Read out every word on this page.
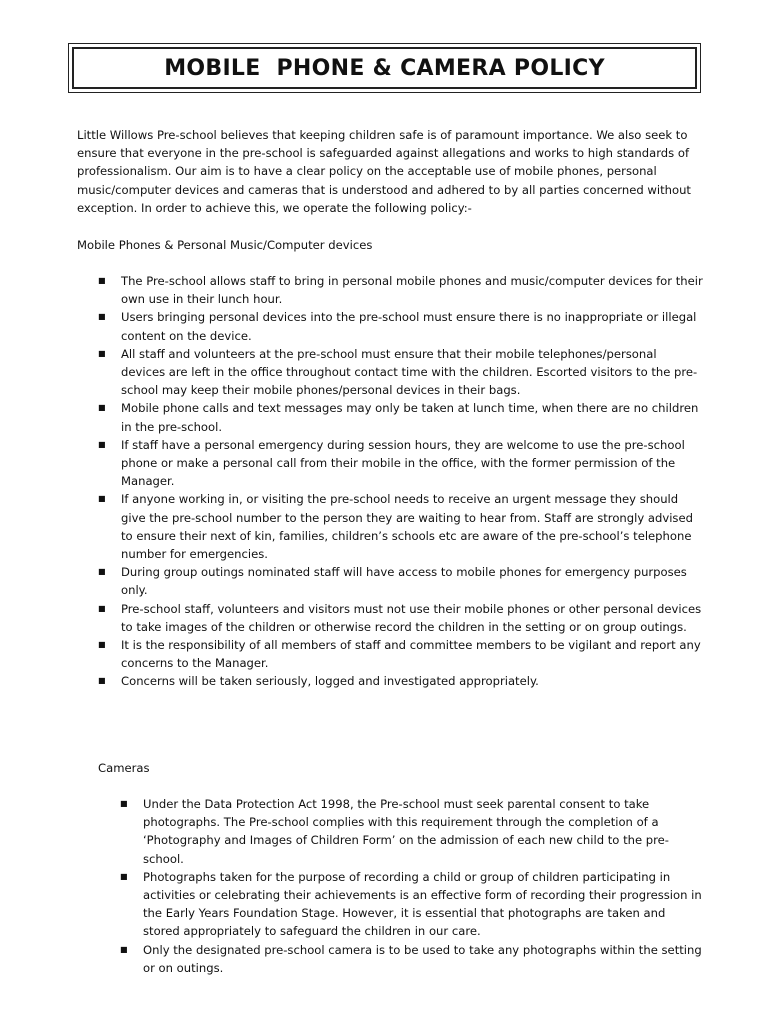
MOBILE  PHONE & CAMERA POLICY

Little Willows Pre-school believes that keeping children safe is of paramount importance. We also seek to ensure that everyone in the pre-school is safeguarded against allegations and works to high standards of professionalism. Our aim is to have a clear policy on the acceptable use of mobile phones, personal music/computer devices and cameras that is understood and adhered to by all parties concerned without exception. In order to achieve this, we operate the following policy:-

Mobile Phones & Personal Music/Computer devices

■ The Pre-school allows staff to bring in personal mobile phones and music/computer devices for their own use in their lunch hour.
■ Users bringing personal devices into the pre-school must ensure there is no inappropriate or illegal content on the device.
■ All staff and volunteers at the pre-school must ensure that their mobile telephones/personal devices are left in the office throughout contact time with the children. Escorted visitors to the pre-school may keep their mobile phones/personal devices in their bags.
■ Mobile phone calls and text messages may only be taken at lunch time, when there are no children in the pre-school.
■ If staff have a personal emergency during session hours, they are welcome to use the pre-school phone or make a personal call from their mobile in the office, with the former permission of the Manager.
■ If anyone working in, or visiting the pre-school needs to receive an urgent message they should give the pre-school number to the person they are waiting to hear from. Staff are strongly advised to ensure their next of kin, families, children’s schools etc are aware of the pre-school’s telephone number for emergencies.
■ During group outings nominated staff will have access to mobile phones for emergency purposes only.
■ Pre-school staff, volunteers and visitors must not use their mobile phones or other personal devices to take images of the children or otherwise record the children in the setting or on group outings.
■ It is the responsibility of all members of staff and committee members to be vigilant and report any concerns to the Manager.
■ Concerns will be taken seriously, logged and investigated appropriately.

Cameras

■ Under the Data Protection Act 1998, the Pre-school must seek parental consent to take photographs. The Pre-school complies with this requirement through the completion of a ‘Photography and Images of Children Form’ on the admission of each new child to the pre-school.
■ Photographs taken for the purpose of recording a child or group of children participating in activities or celebrating their achievements is an effective form of recording their progression in the Early Years Foundation Stage. However, it is essential that photographs are taken and stored appropriately to safeguard the children in our care.
■ Only the designated pre-school camera is to be used to take any photographs within the setting or on outings.
